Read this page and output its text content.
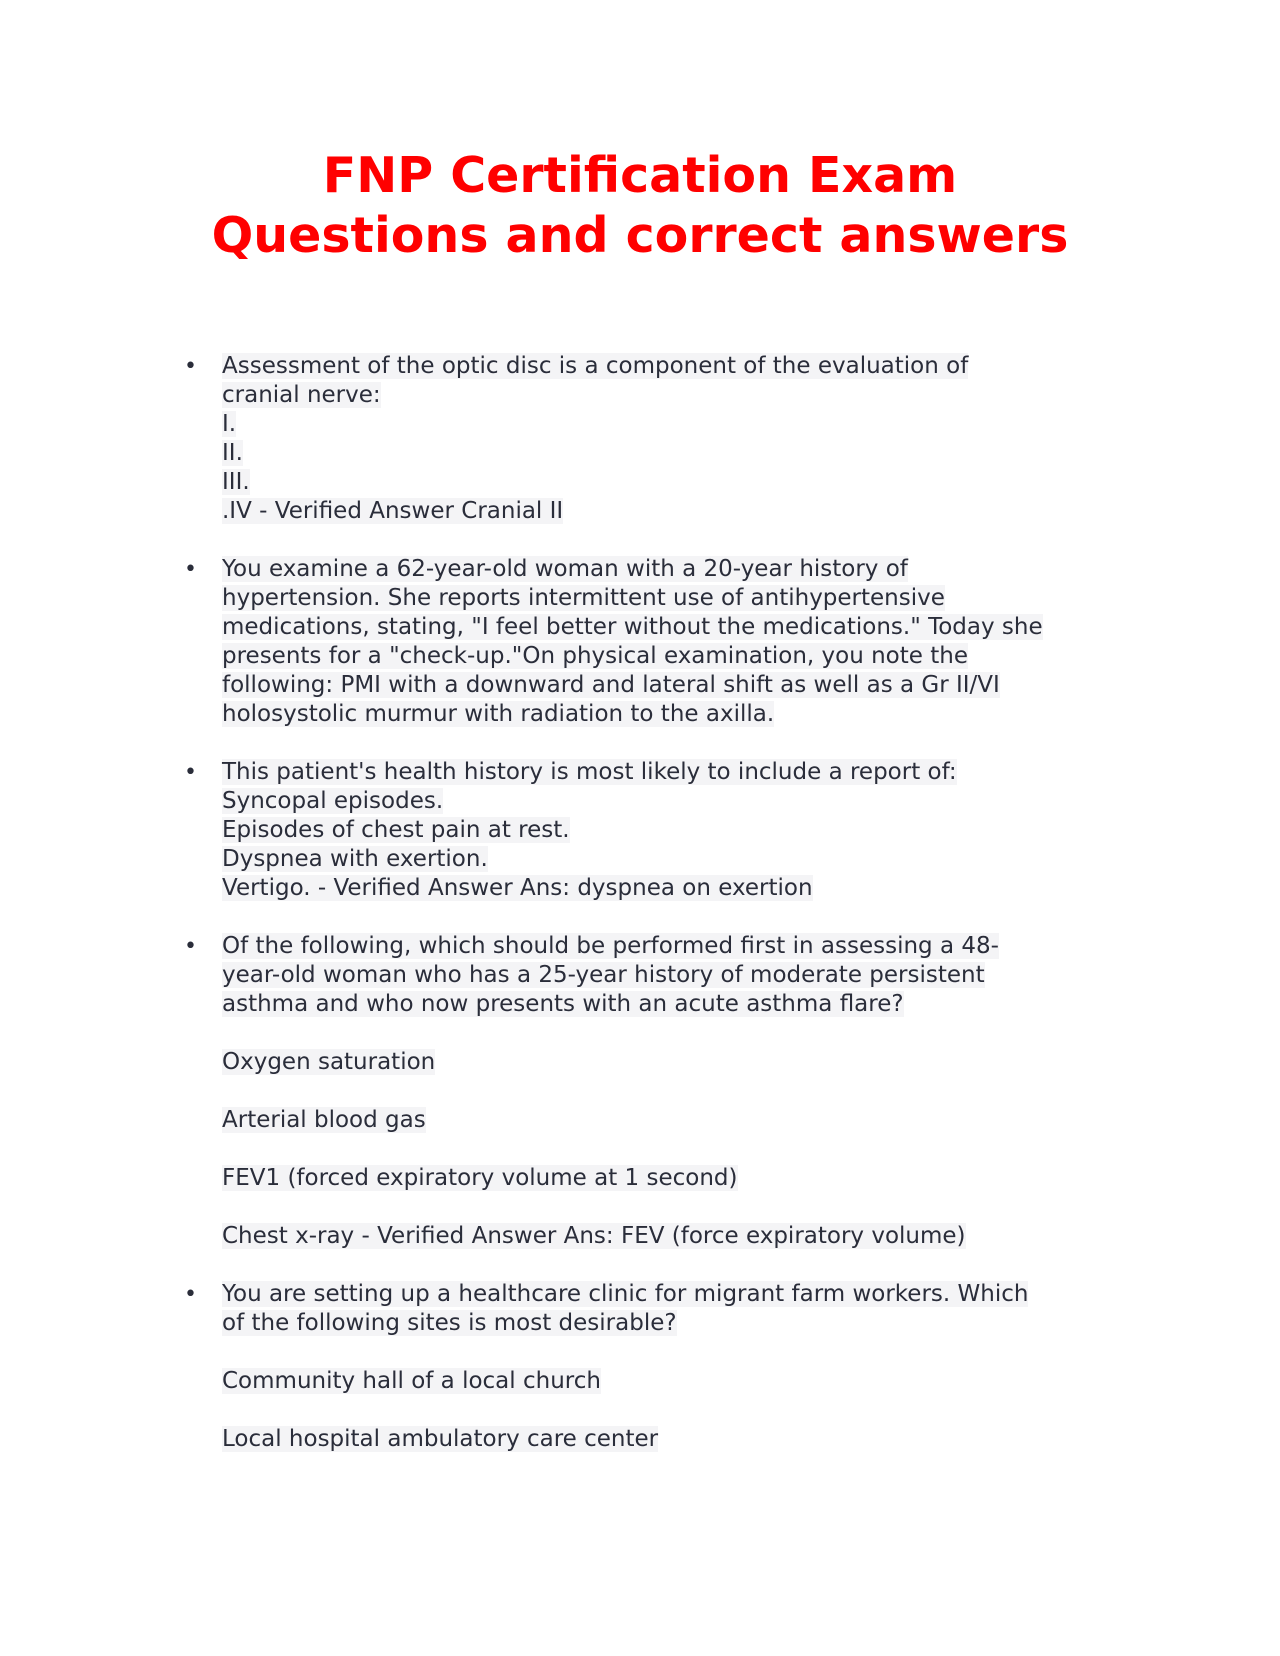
FNP Certification Exam
Questions and correct answers
• Assessment of the optic disc is a component of the evaluation of
cranial nerve:
I.
II.
III.
.IV - Verified Answer Cranial II
• You examine a 62-year-old woman with a 20-year history of
hypertension. She reports intermittent use of antihypertensive
medications, stating, "I feel better without the medications." Today she
presents for a "check-up."On physical examination, you note the
following: PMI with a downward and lateral shift as well as a Gr II/VI
holosystolic murmur with radiation to the axilla.
• This patient's health history is most likely to include a report of:
Syncopal episodes.
Episodes of chest pain at rest.
Dyspnea with exertion.
Vertigo. - Verified Answer Ans: dyspnea on exertion
• Of the following, which should be performed first in assessing a 48-
year-old woman who has a 25-year history of moderate persistent
asthma and who now presents with an acute asthma flare?
Oxygen saturation
Arterial blood gas
FEV1 (forced expiratory volume at 1 second)
Chest x-ray - Verified Answer Ans: FEV (force expiratory volume)
• You are setting up a healthcare clinic for migrant farm workers. Which
of the following sites is most desirable?
Community hall of a local church
Local hospital ambulatory care center
